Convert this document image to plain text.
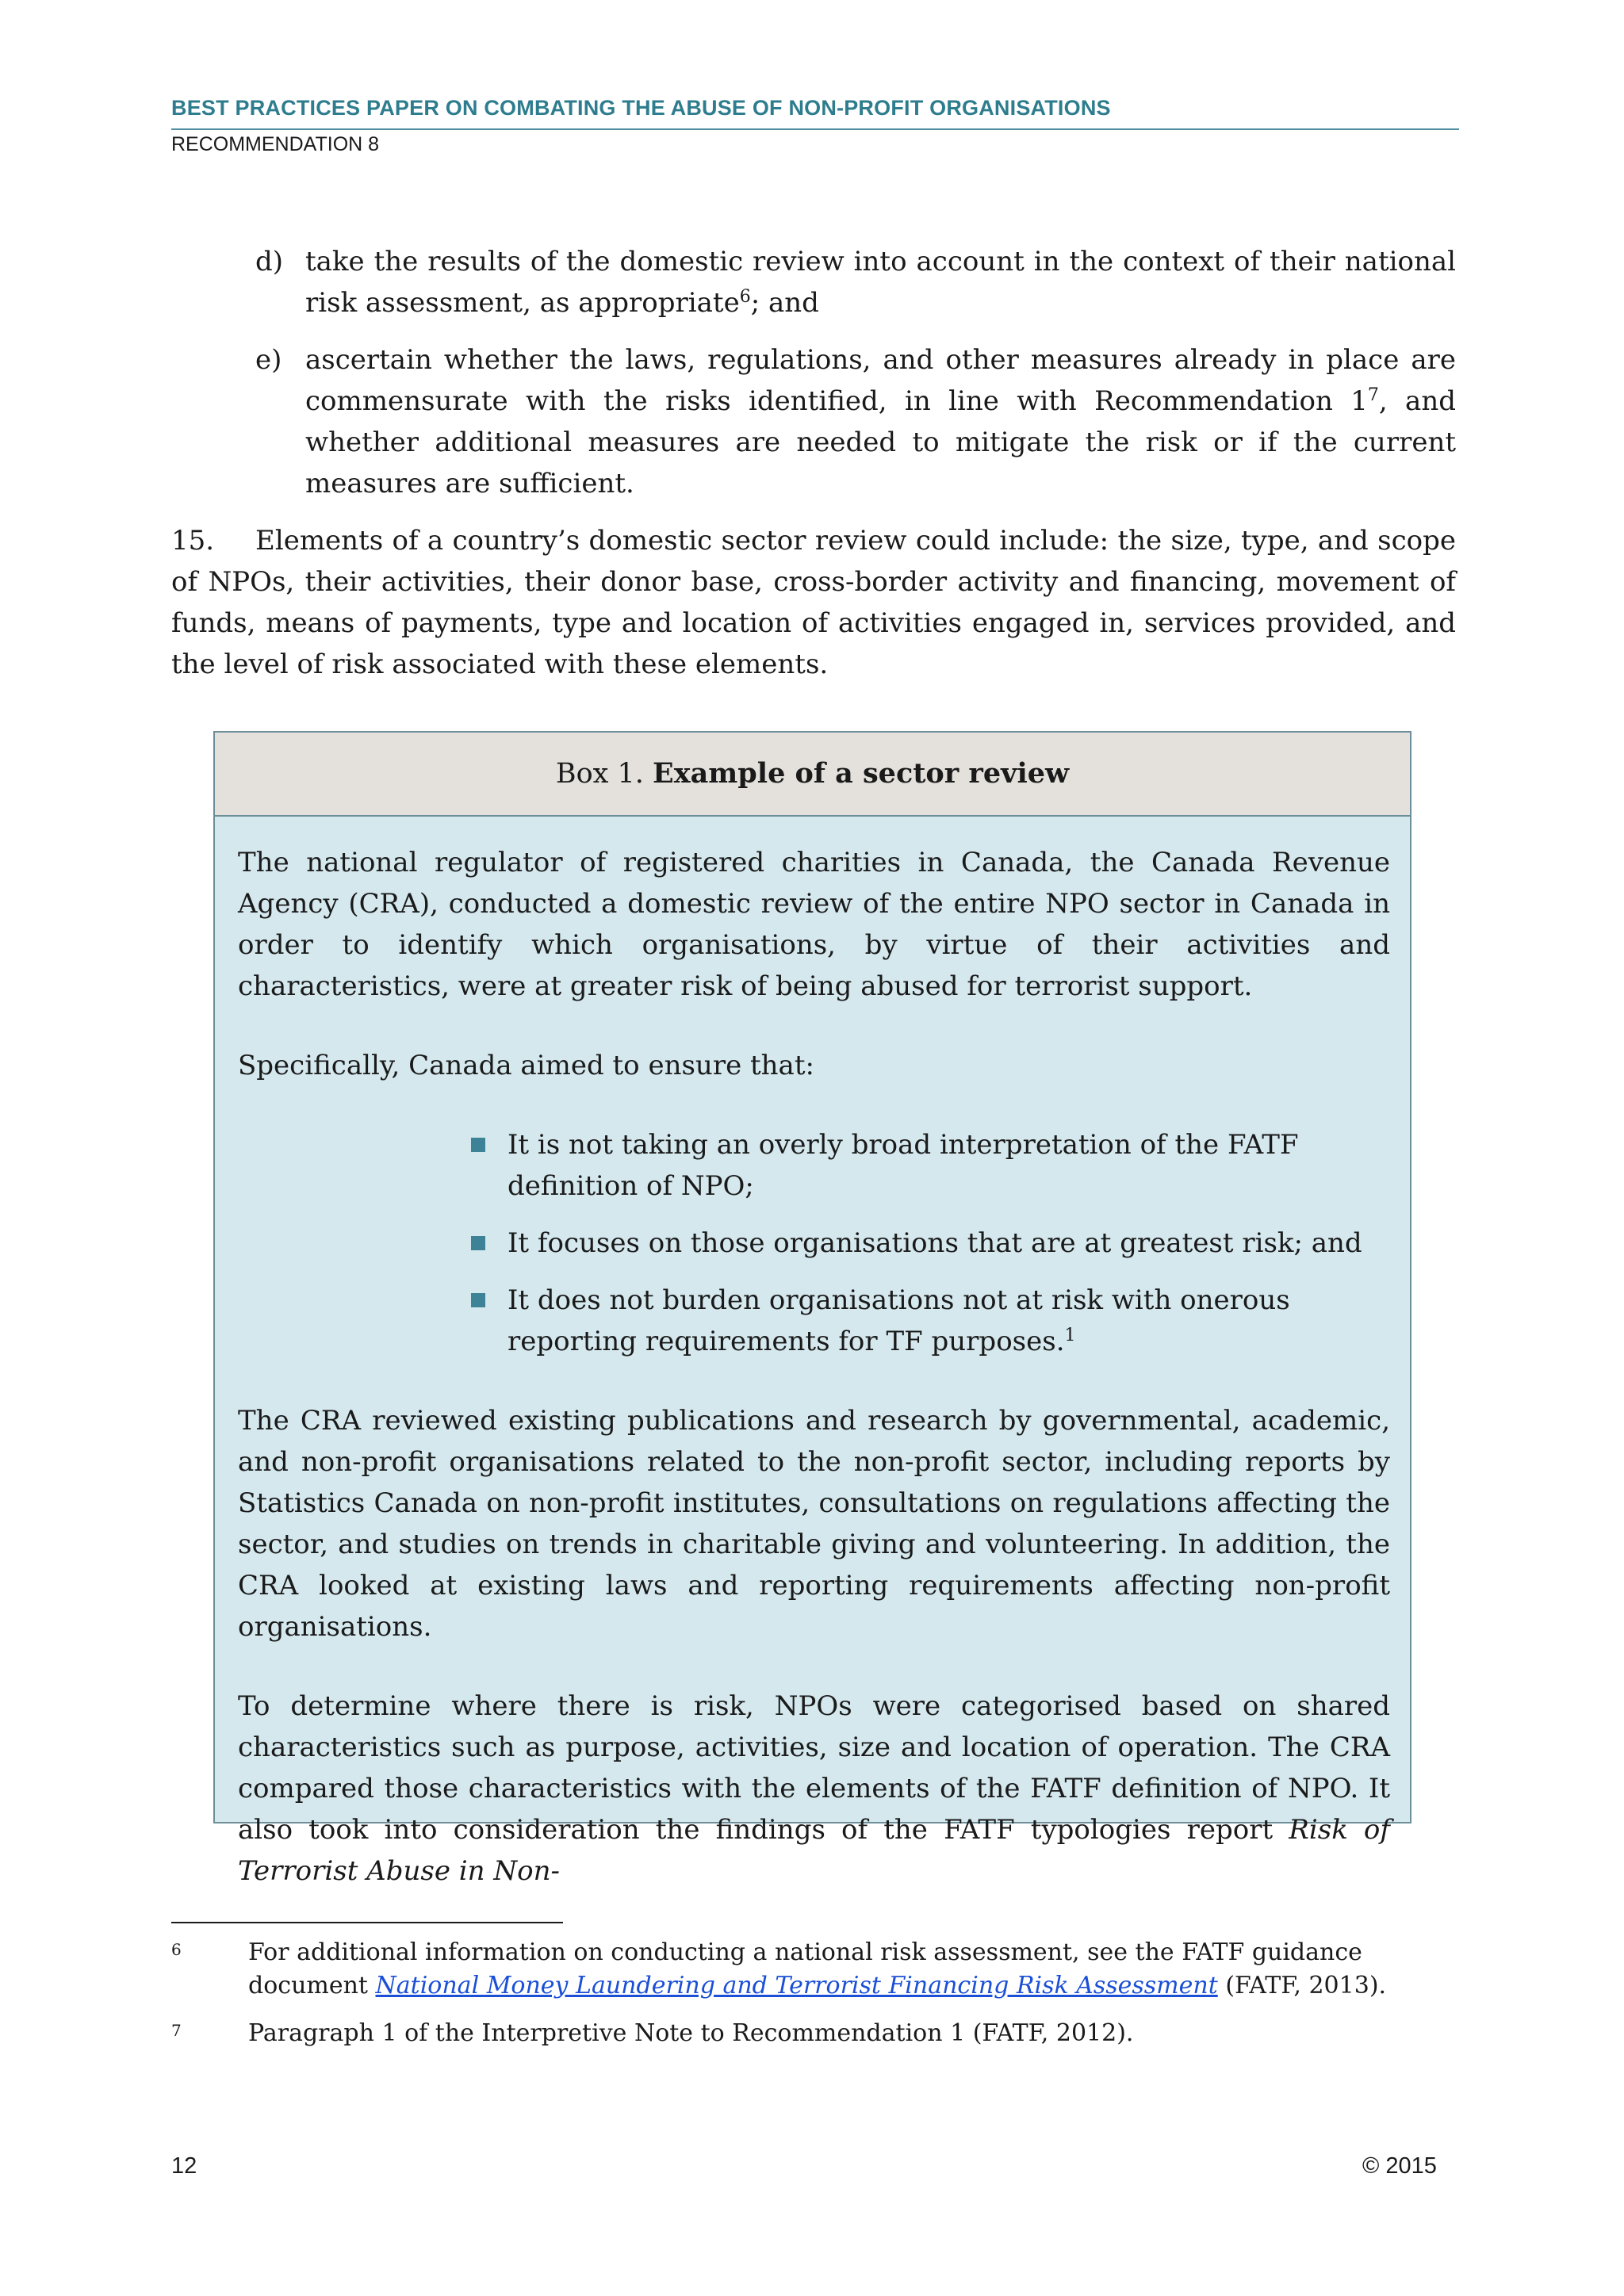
BEST PRACTICES PAPER ON COMBATING THE ABUSE OF NON-PROFIT ORGANISATIONS
RECOMMENDATION 8
d) take the results of the domestic review into account in the context of their national risk assessment, as appropriate$^6$; and
e) ascertain whether the laws, regulations, and other measures already in place are commensurate with the risks identified, in line with Recommendation 1$^7$, and whether additional measures are needed to mitigate the risk or if the current measures are sufficient.
15. Elements of a country’s domestic sector review could include: the size, type, and scope of NPOs, their activities, their donor base, cross-border activity and financing, movement of funds, means of payments, type and location of activities engaged in, services provided, and the level of risk associated with these elements.
Box 1. Example of a sector review

The national regulator of registered charities in Canada, the Canada Revenue Agency (CRA), conducted a domestic review of the entire NPO sector in Canada in order to identify which organisations, by virtue of their activities and characteristics, were at greater risk of being abused for terrorist support.

Specifically, Canada aimed to ensure that:

It is not taking an overly broad interpretation of the FATF definition of NPO;
It focuses on those organisations that are at greatest risk; and
It does not burden organisations not at risk with onerous reporting requirements for TF purposes.$^1$

The CRA reviewed existing publications and research by governmental, academic, and non-profit organisations related to the non-profit sector, including reports by Statistics Canada on non-profit institutes, consultations on regulations affecting the sector, and studies on trends in charitable giving and volunteering. In addition, the CRA looked at existing laws and reporting requirements affecting non-profit organisations.

To determine where there is risk, NPOs were categorised based on shared characteristics such as purpose, activities, size and location of operation. The CRA compared those characteristics with the elements of the FATF definition of NPO. It also took into consideration the findings of the FATF typologies report Risk of Terrorist Abuse in Non-

6	For additional information on conducting a national risk assessment, see the FATF guidance document National Money Laundering and Terrorist Financing Risk Assessment (FATF, 2013).
7	Paragraph 1 of the Interpretive Note to Recommendation 1 (FATF, 2012).
12	© 2015
